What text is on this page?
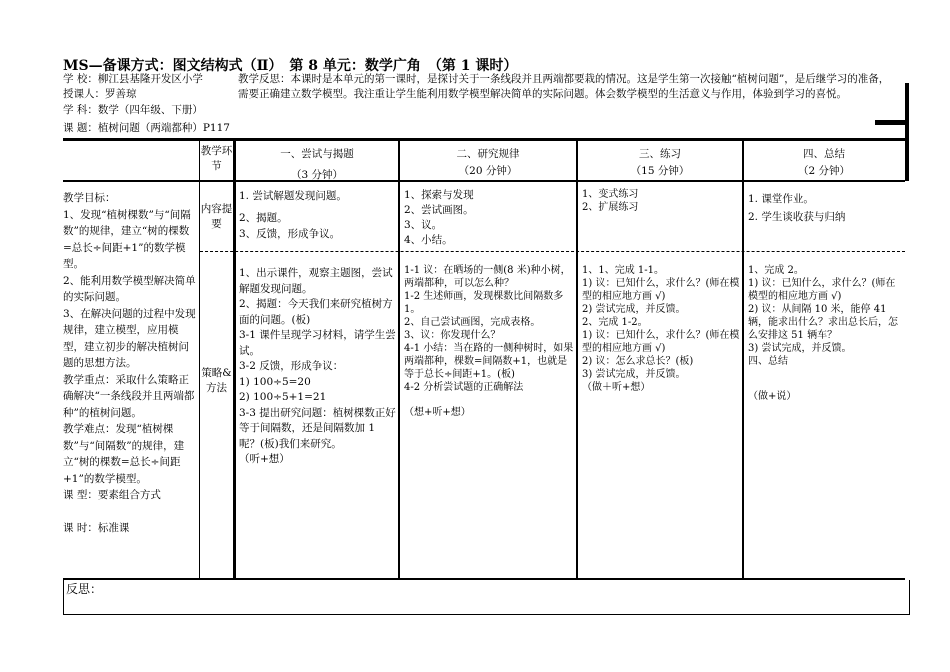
MS—备课方式：图文结构式（Ⅱ）　第 8 单元：数学广角　（第 1 课时）
学 校：柳江县基隆开发区小学
授课人：罗善琼
学 科：数学（四年级、下册）
课 题：植树问题（两端都种）P117
教学反思：本课时是本单元的第一课时，是探讨关于一条线段并且两端都要栽的情况。这是学生第一次接触“植树问题”，是后继学习的准备，需要正确建立数学模型。我注重让学生能利用数学模型解决简单的实际问题。体会数学模型的生活意义与作用，体验到学习的喜悦。
教学环节

一、尝试与揭题

（3 分钟）

二、研究规律

（20 分钟）

三、练习

（15 分钟）

四、总结

（2 分钟）

内容提要
策略&方法

教学目标：

1、发现“植树棵数”与“间隔数”的规律，建立“树的棵数=总长÷间距+1”的数学模型。

2、能利用数学模型解决简单的实际问题。

3、在解决问题的过程中发现规律，建立模型，应用模型，建立初步的解决植树问题的思想方法。

教学重点：采取什么策略正确解决“一条线段并且两端都种”的植树问题。

教学难点：发现“植树棵数”与“间隔数”的规律，建立“树的棵数=总长÷间距+1”的数学模型。

课 型：要素组合方式

课 时：标准课

1. 尝试解题发现问题。

2、揭题。

3、反馈，形成争议。

1、探索与发现

2、尝试画图。

3、议。

4、小结。

1、变式练习

2、扩展练习

1. 课堂作业。

2. 学生谈收获与归纳

1、出示课件，观察主题图，尝试解题发现问题。

2、揭题：今天我们来研究植树方面的问题。(板)

3-1 课件呈现学习材料，请学生尝试。

3-2 反馈，形成争议：

1) 100÷5=20

2) 100÷5+1=21

3-3 提出研究问题：植树棵数正好等于间隔数，还是间隔数加 1 呢？(板)我们来研究。

（听+想）

1-1 议：在晒场的一侧(8 米)种小树，两端都种，可以怎么种？

1-2 生述师画，发现棵数比间隔数多 1。

2、自己尝试画图，完成表格。

3、议：你发现什么？

4-1 小结：当在路的一侧种树时，如果两端都种，棵数=间隔数+1，也就是等于总长÷间距+1。(板)

4-2 分析尝试题的正确解法

（想+听+想）

1、1、完成 1-1。

1) 议：已知什么，求什么？(师在模型的相应地方画 √)

2) 尝试完成，并反馈。

2、完成 1-2。

1) 议：已知什么，求什么？(师在模型的相应地方画 √)

2) 议：怎么求总长？(板)

3) 尝试完成，并反馈。

（做＋听+想）

1、完成 2。

1) 议：已知什么，求什么？(师在模型的相应地方画 √)

2) 议：从间隔 10 米，能停 41 辆，能求出什么？求出总长后，怎么安排这 51 辆车？

3) 尝试完成，并反馈。

四、总结

（做+说）

反思：
